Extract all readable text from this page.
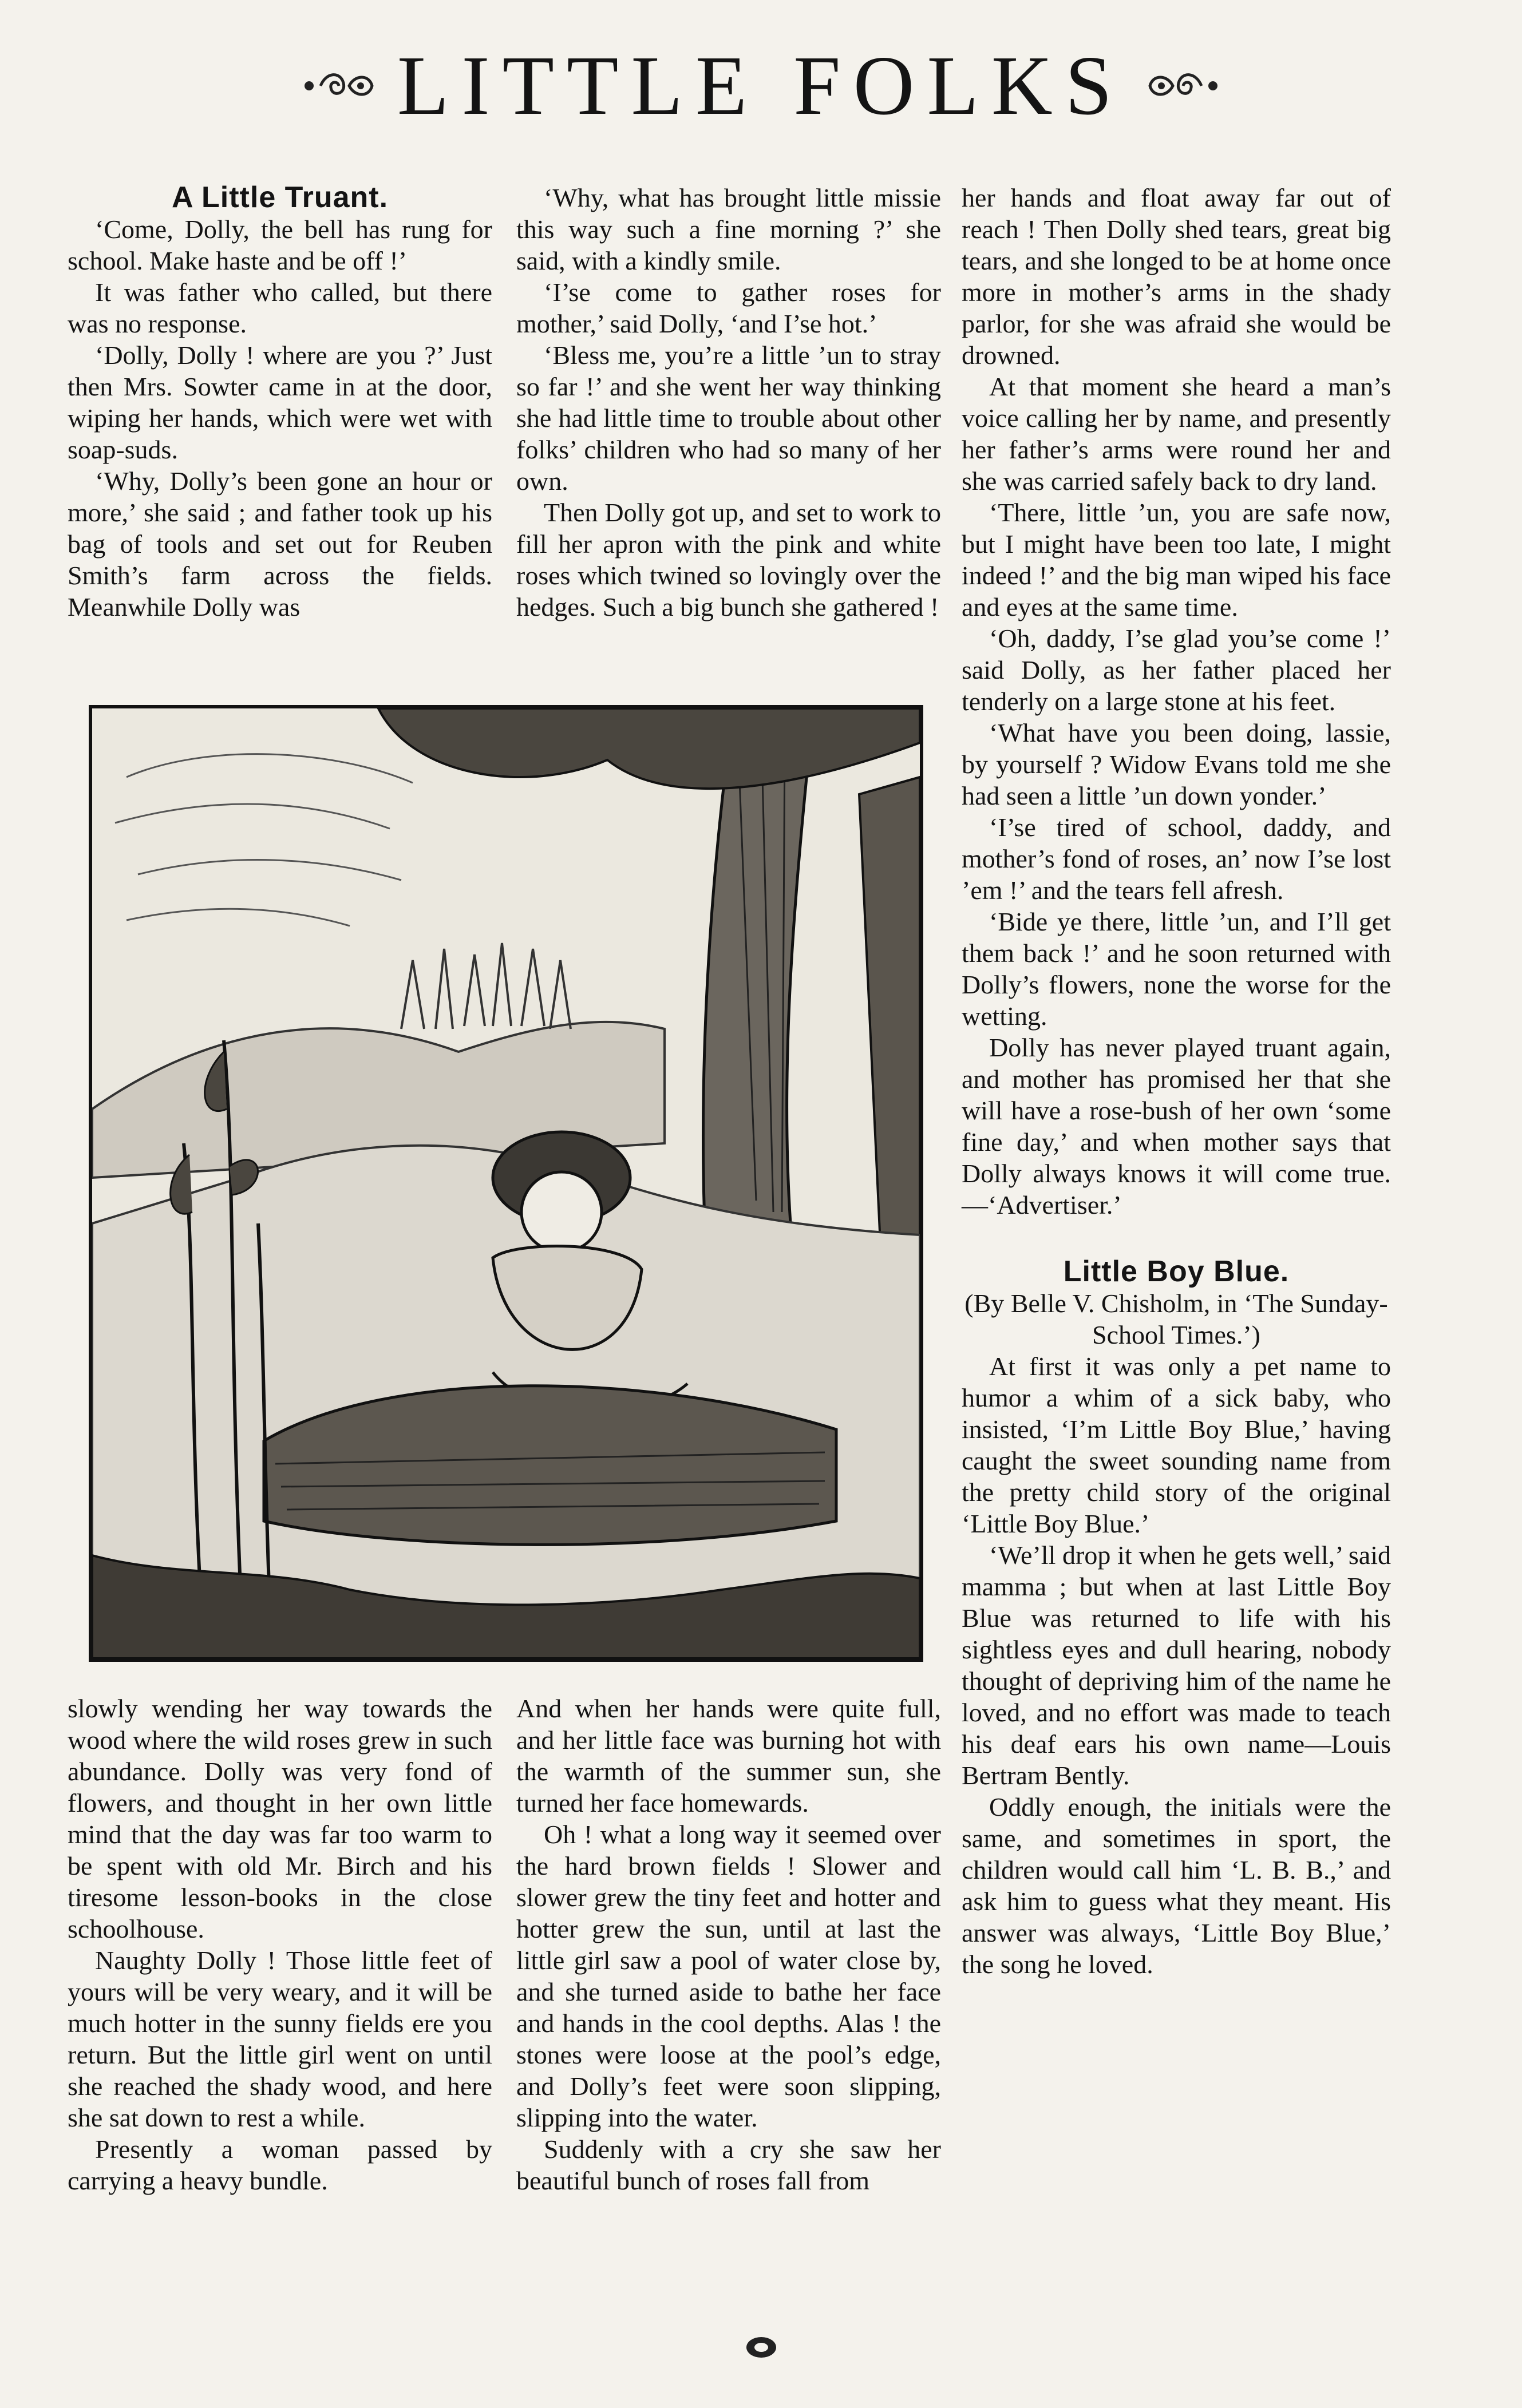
LITTLE FOLKS

A Little Truant.

‘Come, Dolly, the bell has rung for school. Make haste and be off !’

It was father who called, but there was no response.

‘Dolly, Dolly ! where are you ?’ Just then Mrs. Sowter came in at the door, wiping her hands, which were wet with soap-suds.

‘Why, Dolly’s been gone an hour or more,’ she said ; and father took up his bag of tools and set out for Reuben Smith’s farm across the fields. Meanwhile Dolly was

‘Why, what has brought little missie this way such a fine morning ?’ she said, with a kindly smile.

‘I’se come to gather roses for mother,’ said Dolly, ‘and I’se hot.’

‘Bless me, you’re a little ’un to stray so far !’ and she went her way thinking she had little time to trouble about other folks’ children who had so many of her own.

Then Dolly got up, and set to work to fill her apron with the pink and white roses which twined so lovingly over the hedges. Such a big bunch she gathered !

her hands and float away far out of reach ! Then Dolly shed tears, great big tears, and she longed to be at home once more in mother’s arms in the shady parlor, for she was afraid she would be drowned.

At that moment she heard a man’s voice calling her by name, and presently her father’s arms were round her and she was carried safely back to dry land.

‘There, little ’un, you are safe now, but I might have been too late, I might indeed !’ and the big man wiped his face and eyes at the same time.

‘Oh, daddy, I’se glad you’se come !’ said Dolly, as her father placed her tenderly on a large stone at his feet.

‘What have you been doing, lassie, by yourself ? Widow Evans told me she had seen a little ’un down yonder.’

‘I’se tired of school, daddy, and mother’s fond of roses, an’ now I’se lost ’em !’ and the tears fell afresh.

‘Bide ye there, little ’un, and I’ll get them back !’ and he soon returned with Dolly’s flowers, none the worse for the wetting.

Dolly has never played truant again, and mother has promised her that she will have a rose-bush of her own ‘some fine day,’ and when mother says that Dolly always knows it will come true.—‘Advertiser.’

Little Boy Blue.

(By Belle V. Chisholm, in ‘The Sunday-School Times.’)

At first it was only a pet name to humor a whim of a sick baby, who insisted, ‘I’m Little Boy Blue,’ having caught the sweet sounding name from the pretty child story of the original ‘Little Boy Blue.’

‘We’ll drop it when he gets well,’ said mamma ; but when at last Little Boy Blue was returned to life with his sightless eyes and dull hearing, nobody thought of depriving him of the name he loved, and no effort was made to teach his deaf ears his own name—Louis Bertram Bently.

Oddly enough, the initials were the same, and sometimes in sport, the children would call him ‘L. B. B.,’ and ask him to guess what they meant. His answer was always, ‘Little Boy Blue,’ the song he loved.

slowly wending her way towards the wood where the wild roses grew in such abundance. Dolly was very fond of flowers, and thought in her own little mind that the day was far too warm to be spent with old Mr. Birch and his tiresome lesson-books in the close schoolhouse.

Naughty Dolly ! Those little feet of yours will be very weary, and it will be much hotter in the sunny fields ere you return. But the little girl went on until she reached the shady wood, and here she sat down to rest a while.

Presently a woman passed by carrying a heavy bundle.

And when her hands were quite full, and her little face was burning hot with the warmth of the summer sun, she turned her face homewards.

Oh ! what a long way it seemed over the hard brown fields ! Slower and slower grew the tiny feet and hotter and hotter grew the sun, until at last the little girl saw a pool of water close by, and she turned aside to bathe her face and hands in the cool depths. Alas ! the stones were loose at the pool’s edge, and Dolly’s feet were soon slipping, slipping into the water.

Suddenly with a cry she saw her beautiful bunch of roses fall from
